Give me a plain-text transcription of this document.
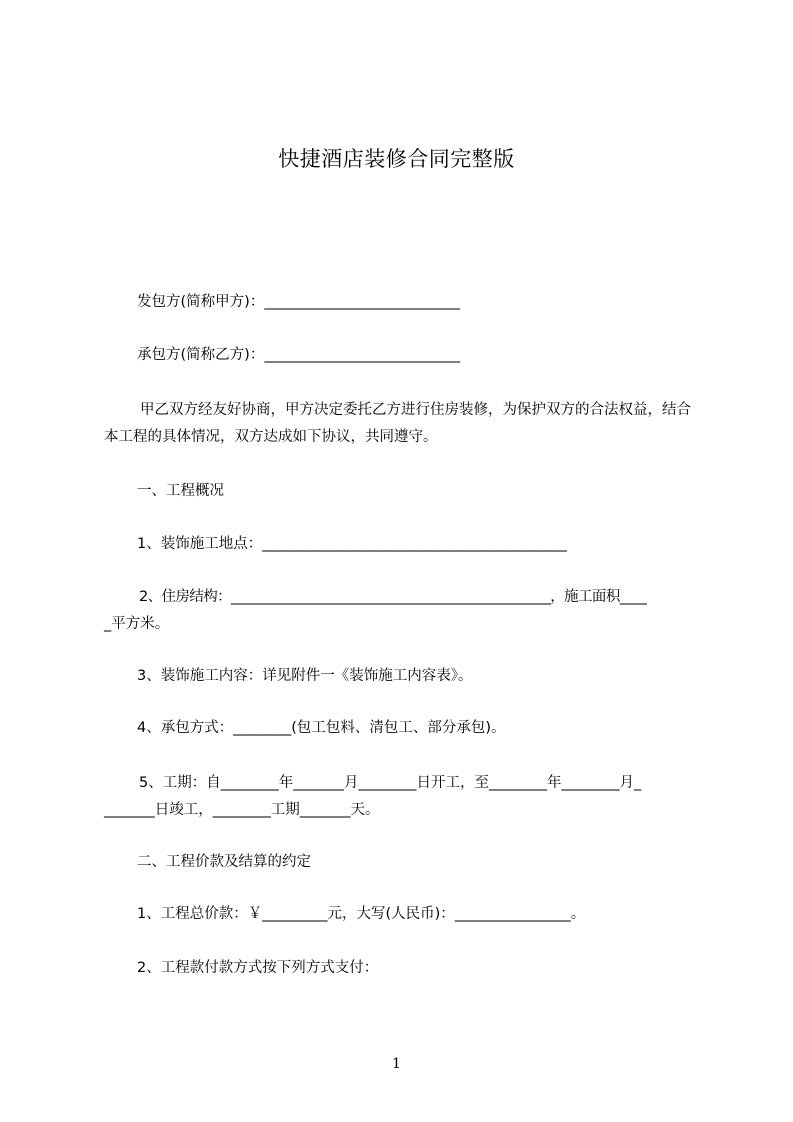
快捷酒店装修合同完整版
发包方(简称甲方)：___________________________
承包方(简称乙方)：___________________________
甲乙双方经友好协商，甲方决定委托乙方进行住房装修，为保护双方的合法权益，结合本工程的具体情况，双方达成如下协议，共同遵守。
一、工程概况
1、装饰施工地点：__________________________________________
2、住房结构：________________________________________________，施工面积____
_平方米。
3、装饰施工内容：详见附件一《装饰施工内容表》。
4、承包方式：________(包工包料、清包工、部分承包)。
5、工期：自________年_______月________日开工，至________年________月_
_______日竣工，________工期_______天。
二、工程价款及结算的约定
1、工程总价款：￥_________元，大写(人民币)：________________。
2、工程款付款方式按下列方式支付：
1
